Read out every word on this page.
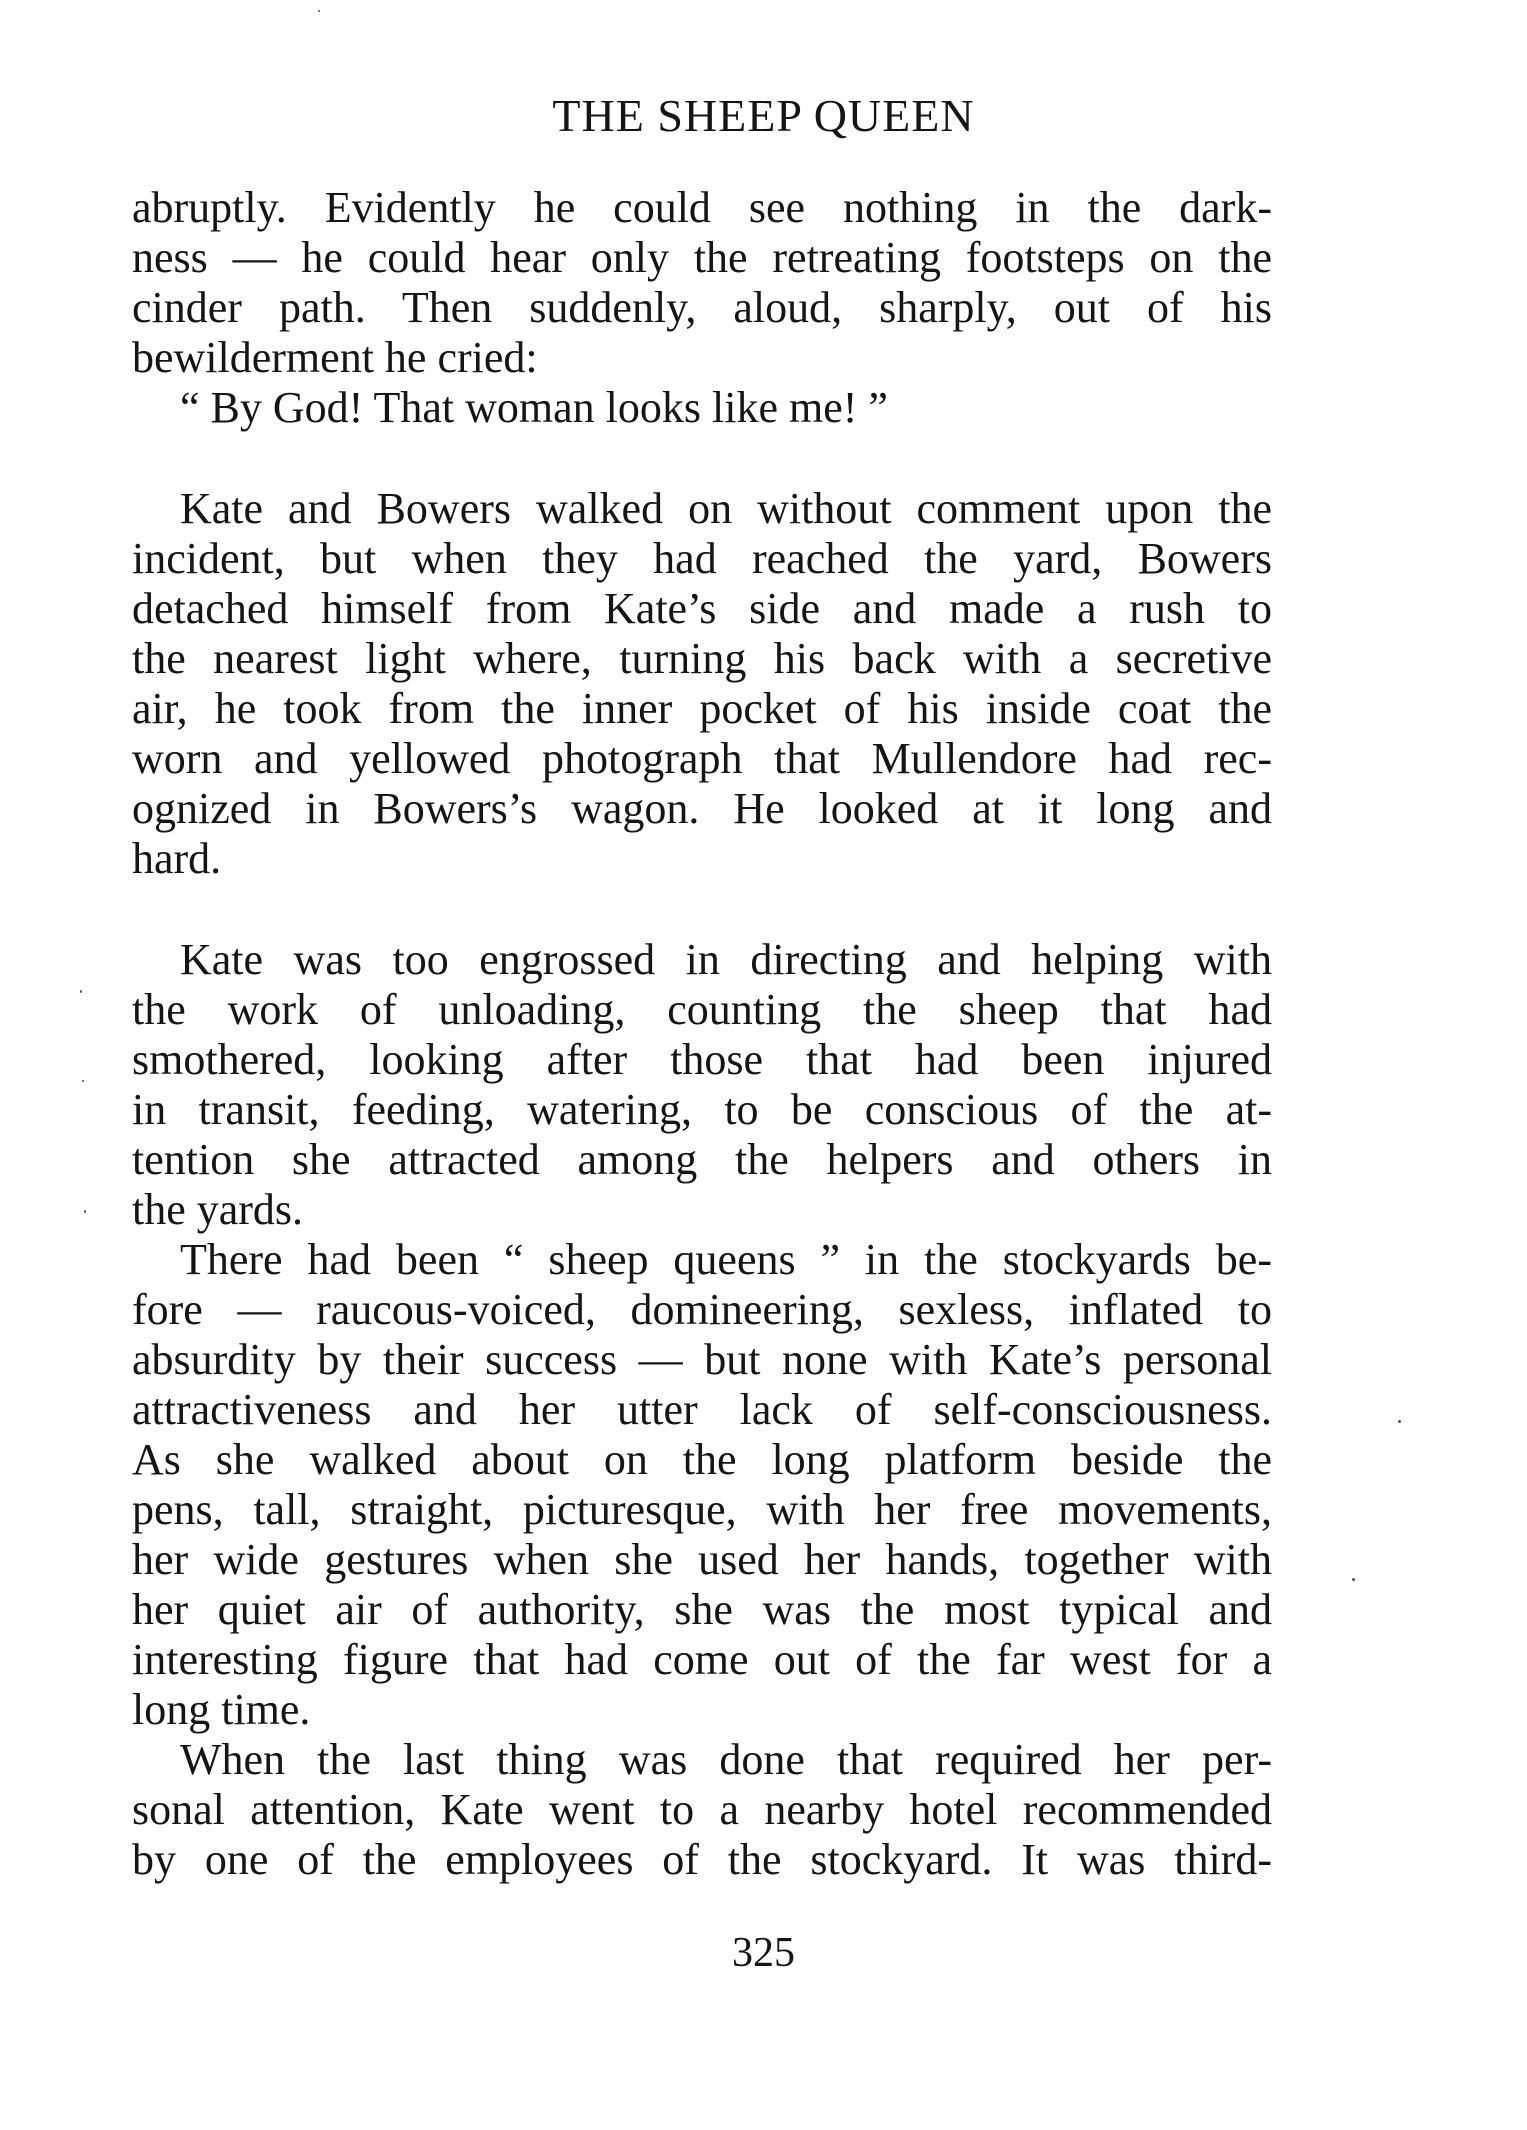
THE SHEEP QUEEN
abruptly. Evidently he could see nothing in the dark-
ness — he could hear only the retreating footsteps on the
cinder path. Then suddenly, aloud, sharply, out of his
bewilderment he cried:
“ By God! That woman looks like me! ”
Kate and Bowers walked on without comment upon the
incident, but when they had reached the yard, Bowers
detached himself from Kate’s side and made a rush to
the nearest light where, turning his back with a secretive
air, he took from the inner pocket of his inside coat the
worn and yellowed photograph that Mullendore had rec-
ognized in Bowers’s wagon. He looked at it long and
hard.
Kate was too engrossed in directing and helping with
the work of unloading, counting the sheep that had
smothered, looking after those that had been injured
in transit, feeding, watering, to be conscious of the at-
tention she attracted among the helpers and others in
the yards.
There had been “ sheep queens ” in the stockyards be-
fore — raucous-voiced, domineering, sexless, inflated to
absurdity by their success — but none with Kate’s personal
attractiveness and her utter lack of self-consciousness.
As she walked about on the long platform beside the
pens, tall, straight, picturesque, with her free movements,
her wide gestures when she used her hands, together with
her quiet air of authority, she was the most typical and
interesting figure that had come out of the far west for a
long time.
When the last thing was done that required her per-
sonal attention, Kate went to a nearby hotel recommended
by one of the employees of the stockyard. It was third-
325
